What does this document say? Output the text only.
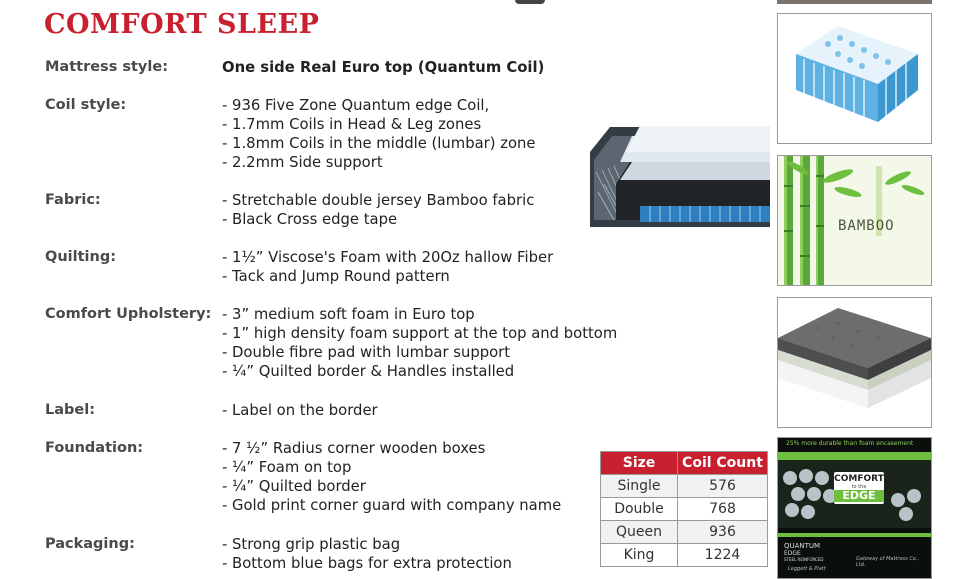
COMFORT SLEEP
Mattress style:	One side Real Euro top (Quantum Coil)
Coil style:	- 936 Five Zone Quantum edge Coil,
- 1.7mm Coils in Head & Leg zones
- 1.8mm Coils in the middle (lumbar) zone
- 2.2mm Side support
Fabric:	- Stretchable double jersey Bamboo fabric
- Black Cross edge tape
Quilting:	- 1½” Viscose's Foam with 20Oz hallow Fiber
- Tack and Jump Round pattern
Comfort Upholstery: - 3” medium soft foam in Euro top
- 1” high density foam support at the top and bottom
- Double fibre pad with lumbar support
- ¼” Quilted border & Handles installed
Label:	- Label on the border
Foundation:	- 7 ½” Radius corner wooden boxes
- ¼” Foam on top
- ¼” Quilted border
- Gold print corner guard with company name
Packaging:	- Strong grip plastic bag
- Bottom blue bags for extra protection
BAMBOO
25% more durable than foam encasement
COMFORT
to the
EDGE
QUANTUM
EDGE
STEEL REINFORCED
Leggett & Platt
Gateway of Mattress Co., Ltd.
Size	Coil Count
Single	576
Double	768
Queen	936
King	1224
